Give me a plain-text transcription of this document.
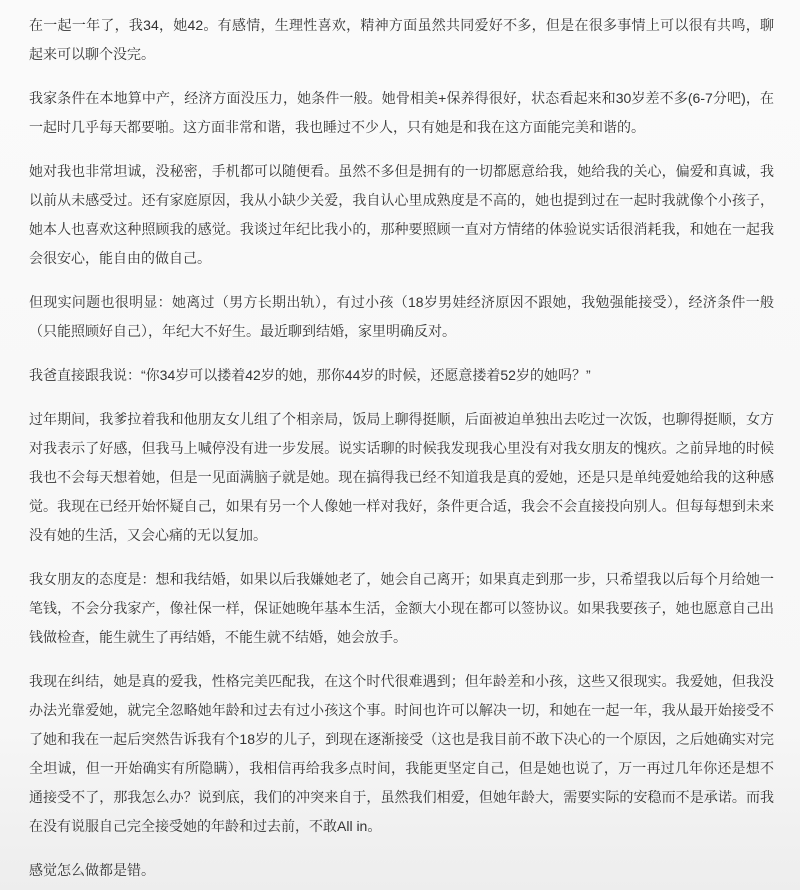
在一起一年了，我34，她42。有感情，生理性喜欢，精神方面虽然共同爱好不多，但是在很多事情上可以很有共鸣，聊起来可以聊个没完。

我家条件在本地算中产，经济方面没压力，她条件一般。她骨相美+保养得很好，状态看起来和30岁差不多(6-7分吧)，在一起时几乎每天都要啪。这方面非常和谐，我也睡过不少人，只有她是和我在这方面能完美和谐的。

她对我也非常坦诚，没秘密，手机都可以随便看。虽然不多但是拥有的一切都愿意给我，她给我的关心，偏爱和真诚，我以前从未感受过。还有家庭原因，我从小缺少关爱，我自认心里成熟度是不高的，她也提到过在一起时我就像个小孩子，她本人也喜欢这种照顾我的感觉。我谈过年纪比我小的，那种要照顾一直对方情绪的体验说实话很消耗我，和她在一起我会很安心，能自由的做自己。

但现实问题也很明显：她离过（男方长期出轨），有过小孩（18岁男娃经济原因不跟她，我勉强能接受），经济条件一般（只能照顾好自己），年纪大不好生。最近聊到结婚，家里明确反对。

我爸直接跟我说：“你34岁可以搂着42岁的她，那你44岁的时候，还愿意搂着52岁的她吗？”

过年期间，我爹拉着我和他朋友女儿组了个相亲局，饭局上聊得挺顺，后面被迫单独出去吃过一次饭，也聊得挺顺，女方对我表示了好感，但我马上喊停没有进一步发展。说实话聊的时候我发现我心里没有对我女朋友的愧疚。之前异地的时候我也不会每天想着她，但是一见面满脑子就是她。现在搞得我已经不知道我是真的爱她，还是只是单纯爱她给我的这种感觉。我现在已经开始怀疑自己，如果有另一个人像她一样对我好，条件更合适，我会不会直接投向别人。但每每想到未来没有她的生活，又会心痛的无以复加。

我女朋友的态度是：想和我结婚，如果以后我嫌她老了，她会自己离开；如果真走到那一步，只希望我以后每个月给她一笔钱，不会分我家产，像社保一样，保证她晚年基本生活，金额大小现在都可以签协议。如果我要孩子，她也愿意自己出钱做检查，能生就生了再结婚，不能生就不结婚，她会放手。

我现在纠结，她是真的爱我，性格完美匹配我，在这个时代很难遇到；但年龄差和小孩，这些又很现实。我爱她，但我没办法光靠爱她，就完全忽略她年龄和过去有过小孩这个事。时间也许可以解决一切，和她在一起一年，我从最开始接受不了她和我在一起后突然告诉我有个18岁的儿子，到现在逐渐接受（这也是我目前不敢下决心的一个原因，之后她确实对完全坦诚，但一开始确实有所隐瞒），我相信再给我多点时间，我能更坚定自己，但是她也说了，万一再过几年你还是想不通接受不了，那我怎么办？说到底，我们的冲突来自于，虽然我们相爱，但她年龄大，需要实际的安稳而不是承诺。而我在没有说服自己完全接受她的年龄和过去前，不敢All in。

感觉怎么做都是错。
